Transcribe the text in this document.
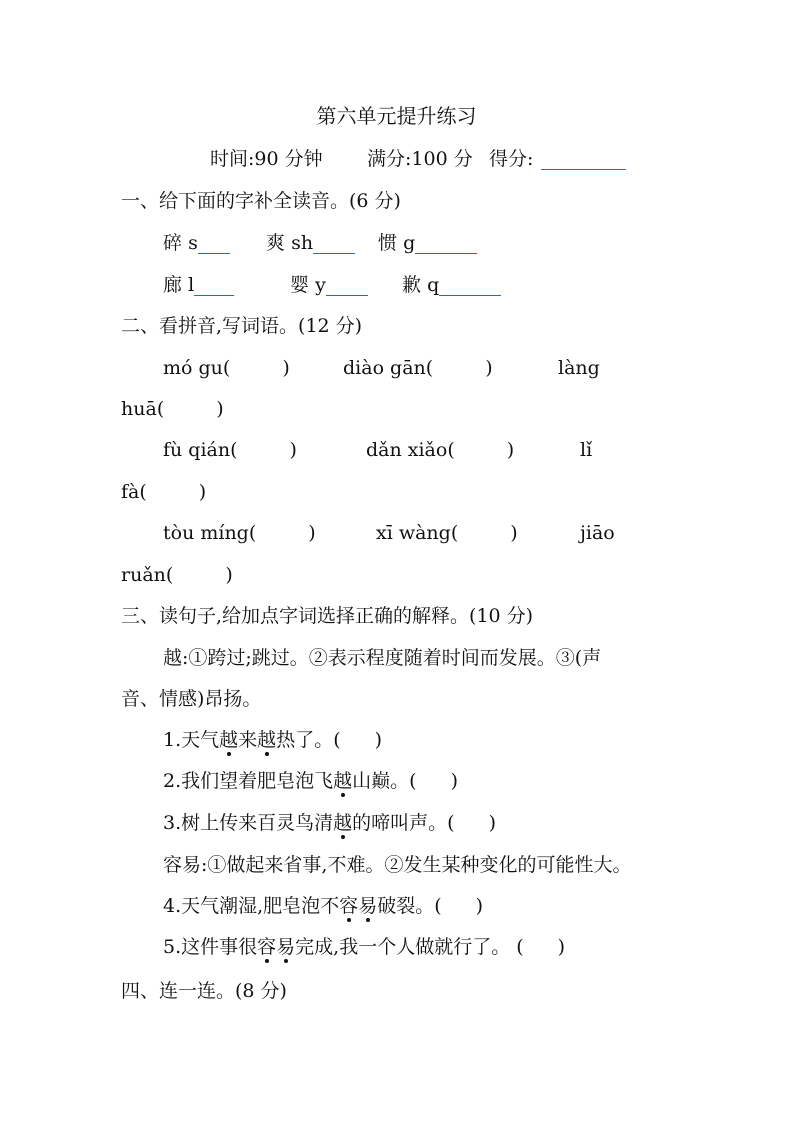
第六单元提升练习
时间:90 分钟 满分:100 分 得分:
一、给下面的字补全读音。(6 分)
碎 s	爽 sh	惯 g
廊 l	婴 y	歉 q
二、看拼音,写词语。(12 分)
mó gu(	)	diào gān(	)	làng
huā(	)
fù qián(	)	dǎn xiǎo(	)	lǐ
fà(	)
tòu míng(	)	xī wàng(	)	jiāo
ruǎn(	)
三、读句子,给加点字词选择正确的解释。(10 分)
越:①跨过;跳过。②表示程度随着时间而发展。③(声
音、情感)昂扬。
1.天气越来越热了。( )
2.我们望着肥皂泡飞越山巅。( )
3.树上传来百灵鸟清越的啼叫声。( )
容易:①做起来省事,不难。②发生某种变化的可能性大。
4.天气潮湿,肥皂泡不容易破裂。( )
5.这件事很容易完成,我一个人做就行了。 ( )
四、连一连。(8 分)
